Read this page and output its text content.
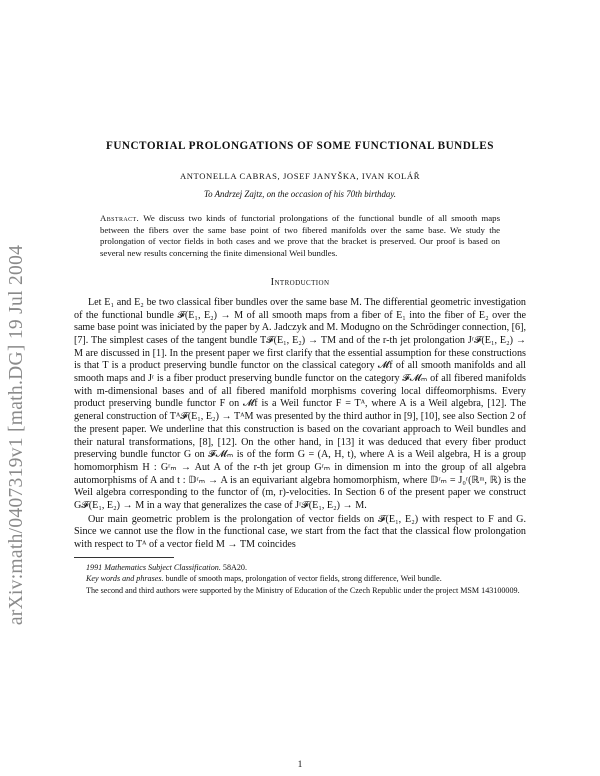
arXiv:math/0407319v1 [math.DG] 19 Jul 2004
FUNCTORIAL PROLONGATIONS OF SOME FUNCTIONAL BUNDLES
ANTONELLA CABRAS, JOSEF JANYŠKA, IVAN KOLÁŘ
To Andrzej Zajtz, on the occasion of his 70th birthday.
Abstract. We discuss two kinds of functorial prolongations of the functional bundle of all smooth maps between the fibers over the same base point of two fibered manifolds over the same base. We study the prolongation of vector fields in both cases and we prove that the bracket is preserved. Our proof is based on several new results concerning the finite dimensional Weil bundles.
Introduction

Let E₁ and E₂ be two classical fiber bundles over the same base M. The differential geometric investigation of the functional bundle 𝓕(E₁, E₂) → M of all smooth maps from a fiber of E₁ into the fiber of E₂ over the same base point was iniciated by the paper by A. Jadczyk and M. Modugno on the Schrödinger connection, [6], [7]. The simplest cases of the tangent bundle T𝓕(E₁, E₂) → TM and of the r-th jet prolongation Jʳ𝓕(E₁, E₂) → M are discussed in [1]. In the present paper we first clarify that the essential assumption for these constructions is that T is a product preserving bundle functor on the classical category 𝓜f of all smooth manifolds and all smooth maps and Jʳ is a fiber product preserving bundle functor on the category 𝓕𝓜ₘ of all fibered manifolds with m-dimensional bases and of all fibered manifold morphisms covering local diffeomorphisms. Every product preserving bundle functor F on 𝓜f is a Weil functor F = Tᴬ, where A is a Weil algebra, [12]. The general construction of Tᴬ𝓕(E₁, E₂) → TᴬM was presented by the third author in [9], [10], see also Section 2 of the present paper. We underline that this construction is based on the covariant approach to Weil bundles and their natural transformations, [8], [12]. On the other hand, in [13] it was deduced that every fiber product preserving bundle functor G on 𝓕𝓜ₘ is of the form G = (A, H, t), where A is a Weil algebra, H is a group homomorphism H : Gʳₘ → Aut A of the r-th jet group Gʳₘ in dimension m into the group of all algebra automorphisms of A and t : 𝔻ʳₘ → A is an equivariant algebra homomorphism, where 𝔻ʳₘ = J₀ʳ(ℝᵐ, ℝ) is the Weil algebra corresponding to the functor of (m, r)-velocities. In Section 6 of the present paper we construct G𝓕(E₁, E₂) → M in a way that generalizes the case of Jʳ𝓕(E₁, E₂) → M.

Our main geometric problem is the prolongation of vector fields on 𝓕(E₁, E₂) with respect to F and G. Since we cannot use the flow in the functional case, we start from the fact that the classical flow prolongation with respect to Tᴬ of a vector field M → TM coincides

1991 Mathematics Subject Classification. 58A20.
Key words and phrases. bundle of smooth maps, prolongation of vector fields, strong difference, Weil bundle.
The second and third authors were supported by the Ministry of Education of the Czech Republic under the project MSM 143100009.
1
